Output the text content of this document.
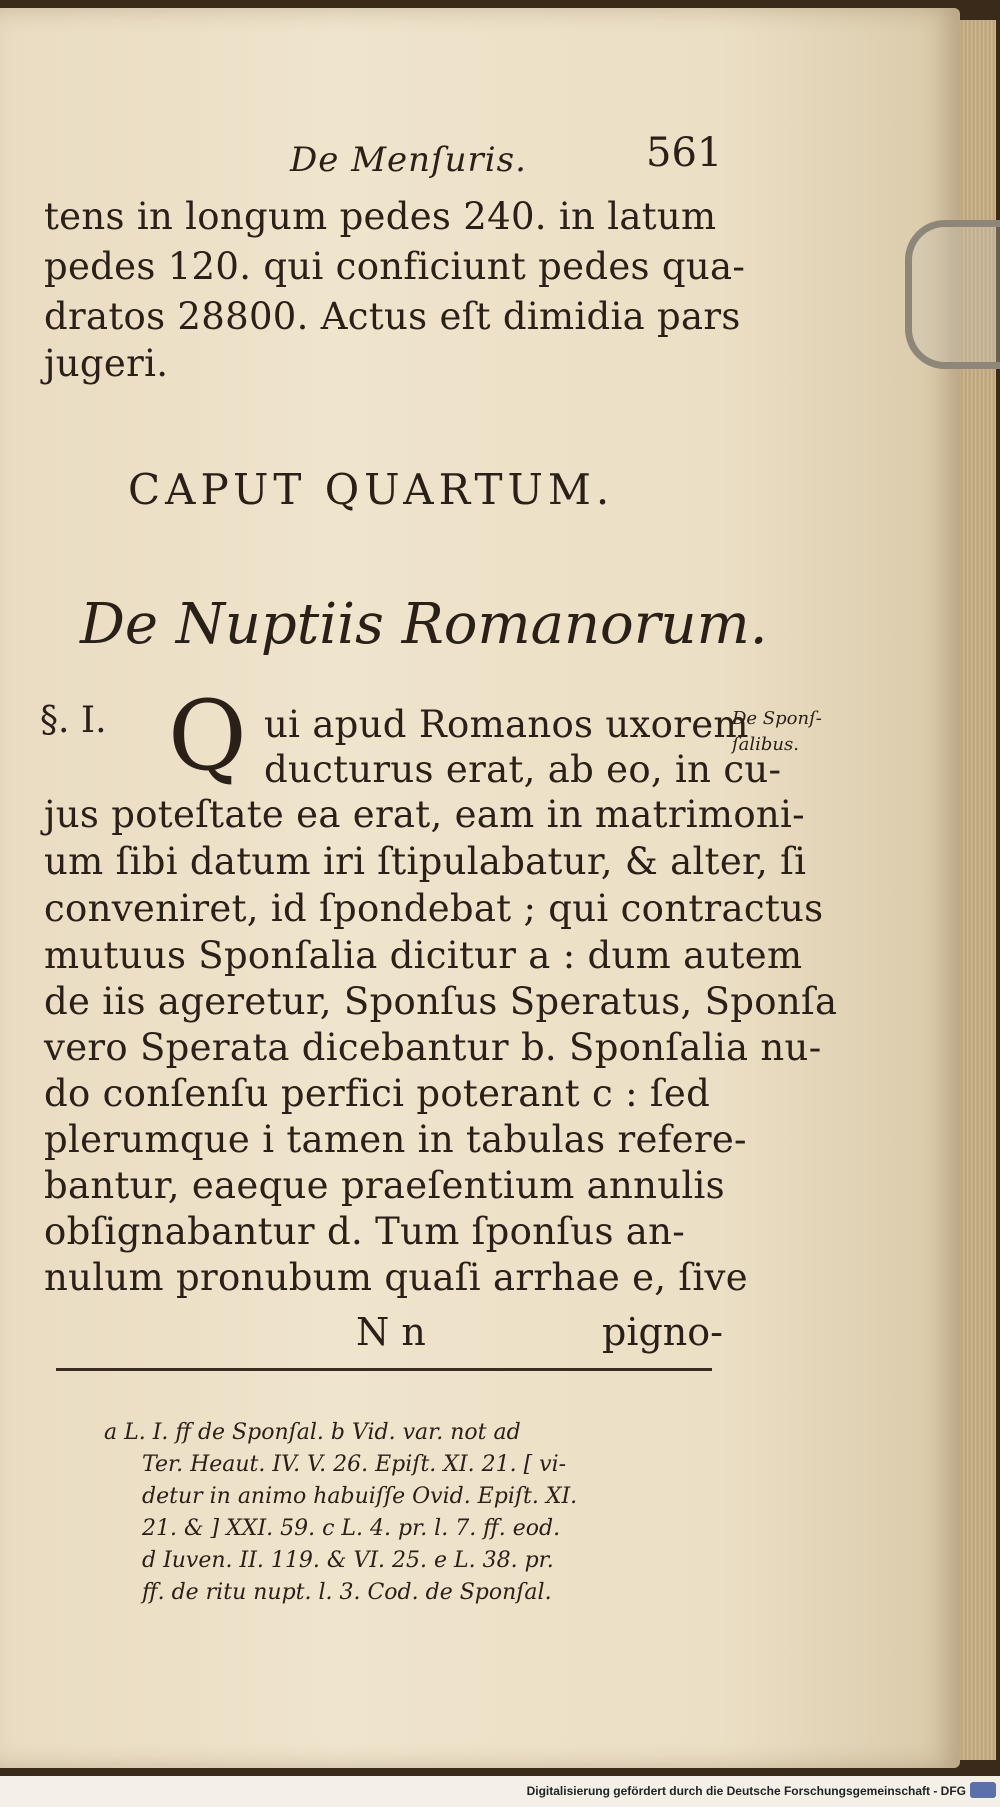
De Menſuris.	561
tens in longum pedes 240. in latum
pedes 120. qui conficiunt pedes qua-
dratos 28800. Actus eſt dimidia pars
jugeri.
CAPUT QUARTUM.
De Nuptiis Romanorum.
§. I. Q ui apud Romanos uxorem
ducturus erat, ab eo, in cu-
jus poteſtate ea erat, eam in matrimoni-
um ſibi datum iri ſtipulabatur, & alter, ſi
conveniret, id ſpondebat ; qui contractus
mutuus Sponſalia dicitur a : dum autem
de iis ageretur, Sponſus Speratus, Sponſa
vero Sperata dicebantur b. Sponſalia nu-
do conſenſu perfici poterant c : ſed
plerumque i tamen in tabulas refere-
bantur, eaeque praeſentium annulis
obſignabantur d. Tum ſponſus an-
nulum pronubum quaſi arrhae e, ſive
De Sponſ-
ſalibus.
N n	pigno-
a L. I. ff de Sponſal. b Vid. var. not ad
Ter. Heaut. IV. V. 26. Epiſt. XI. 21. [ vi-
detur in animo habuiſſe Ovid. Epiſt. XI.
21. & ] XXI. 59. c L. 4. pr. l. 7. ff. eod.
d Iuven. II. 119. & VI. 25. e L. 38. pr.
ff. de ritu nupt. l. 3. Cod. de Sponſal.
Digitalisierung gefördert durch die Deutsche Forschungsgemeinschaft - DFG
